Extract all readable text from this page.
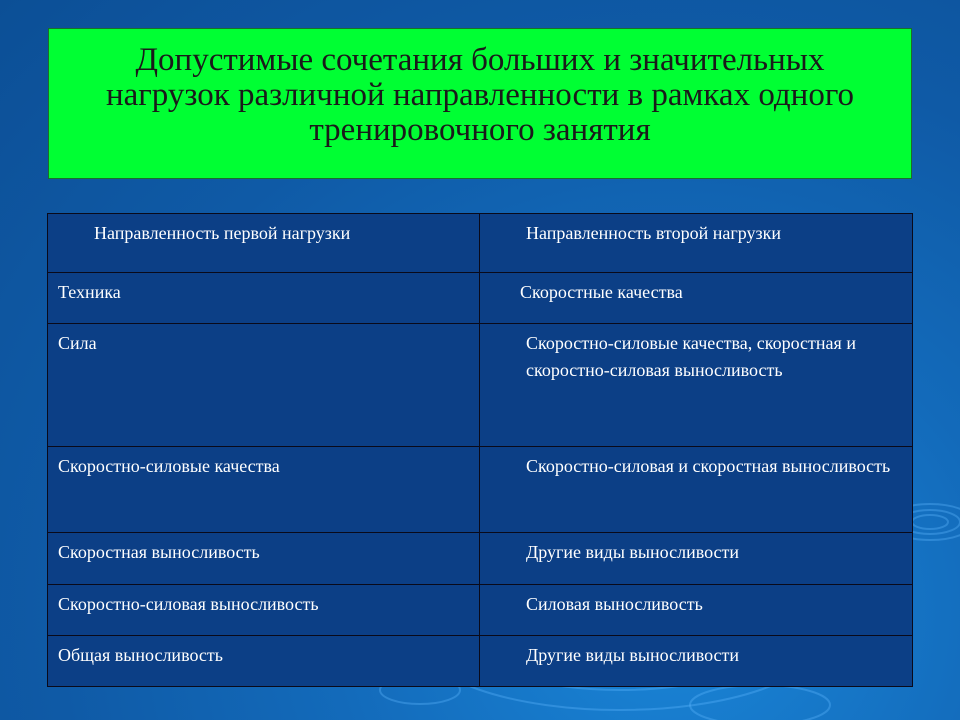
Допустимые сочетания больших и значительных нагрузок различной направленности в рамках одного тренировочного занятия
Направленность первой нагрузки	Направленность второй нагрузки

Техника	Скоростные качества

Сила	Скоростно-силовые качества, скоростная и скоростно-силовая выносливость

Скоростно-силовые качества	Скоростно-силовая и скоростная выносливость

Скоростная выносливость	Другие виды выносливости

Скоростно-силовая выносливость	Силовая выносливость

Общая выносливость	Другие виды выносливости
